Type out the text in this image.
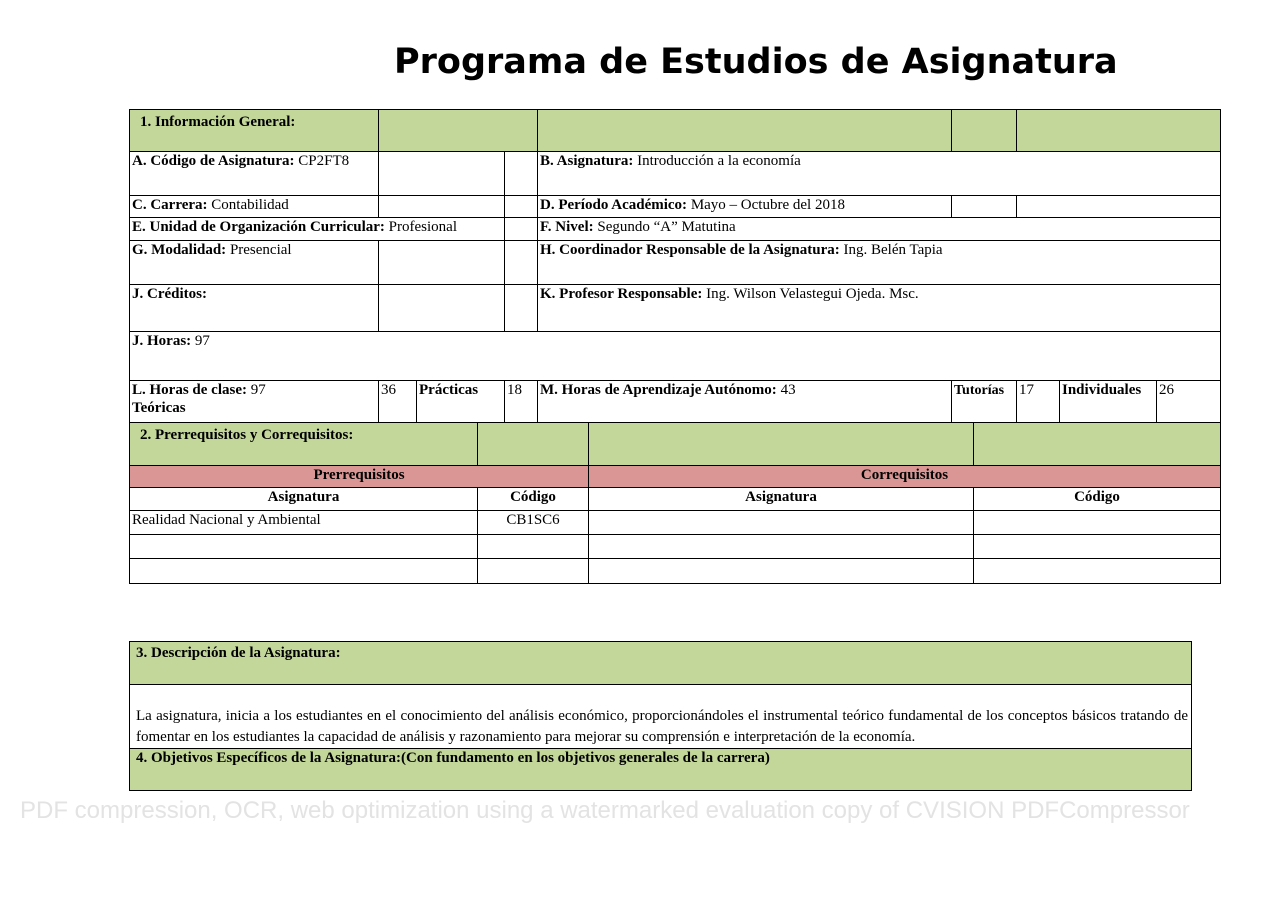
Programa de Estudios de Asignatura
1. Información General:					
A. Código de Asignatura: CP2FT8			B. Asignatura: Introducción a la economía		
C. Carrera: Contabilidad			D. Período Académico: Mayo – Octubre del 2018		
E. Unidad de Organización Curricular: Profesional			F. Nivel: Segundo “A” Matutina		
G. Modalidad: Presencial			H. Coordinador Responsable de la Asignatura: Ing. Belén Tapia		
J. Créditos:			K. Profesor Responsable: Ing. Wilson Velastegui Ojeda. Msc.		
J. Horas: 97					
L. Horas de clase: 97
Teóricas	36	Prácticas	18	M. Horas de Aprendizaje Autónomo: 43	Tutorías	17	Individuales	26
2. Prerrequisitos y Correquisitos:			
Prerrequisitos		Correquisitos	
Asignatura	Código	Asignatura	Código
Realidad Nacional y Ambiental	CB1SC6		

3. Descripción de la Asignatura:
La asignatura, inicia a los estudiantes en el conocimiento del análisis económico, proporcionándoles el instrumental teórico fundamental de los conceptos básicos tratando de fomentar en los estudiantes la capacidad de análisis y razonamiento para mejorar su comprensión e interpretación de la economía.
4. Objetivos Específicos de la Asignatura:(Con fundamento en los objetivos generales de la carrera)
PDF compression, OCR, web optimization using a watermarked evaluation copy of CVISION PDFCompressor
